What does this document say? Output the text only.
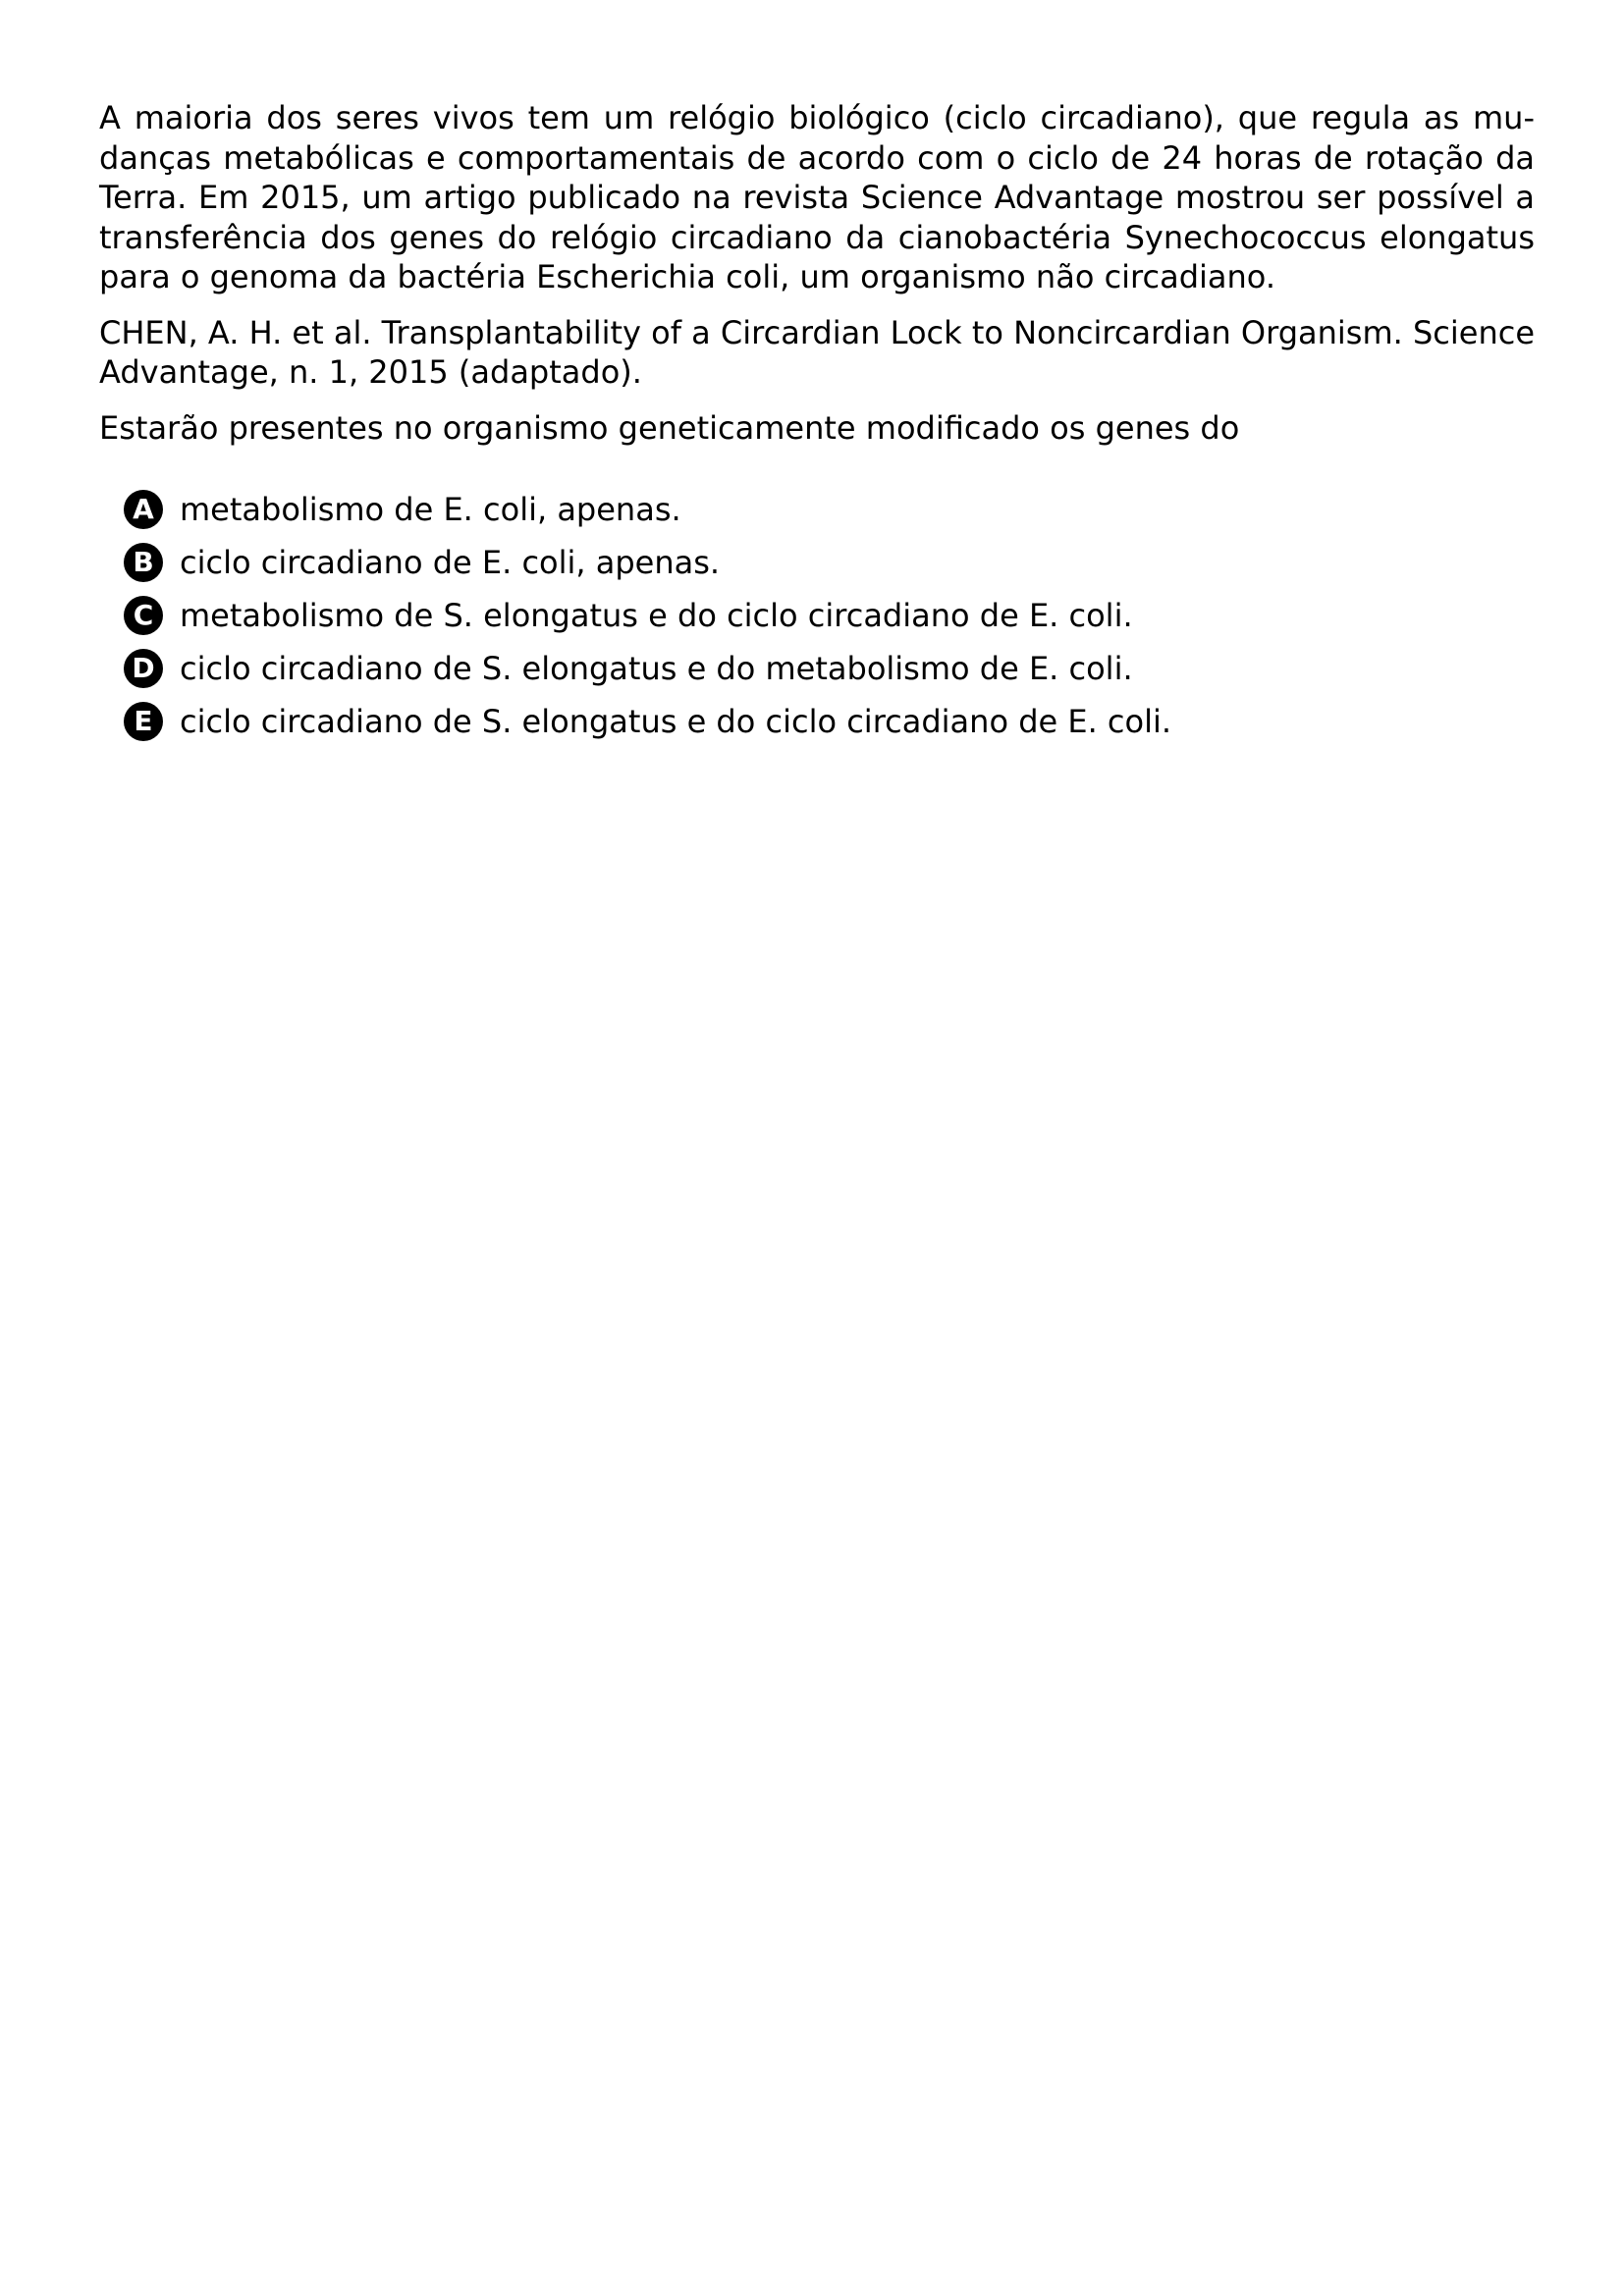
A maioria dos seres vivos tem um relógio biológico (ciclo circadiano), que regula as mudanças metabólicas e comportamentais de acordo com o ciclo de 24 horas de rotação da Terra. Em 2015, um artigo publicado na revista Science Advantage mostrou ser possível a transferência dos genes do relógio circadiano da cianobactéria Synechococcus elongatus para o genoma da bactéria Escherichia coli, um organismo não circadiano.

CHEN, A. H. et al. Transplantability of a Circardian Lock to Noncircardian Organism. Science Advantage, n. 1, 2015 (adaptado).

Estarão presentes no organismo geneticamente modificado os genes do

A metabolismo de E. coli, apenas.
B ciclo circadiano de E. coli, apenas.
C metabolismo de S. elongatus e do ciclo circadiano de E. coli.
D ciclo circadiano de S. elongatus e do metabolismo de E. coli.
E ciclo circadiano de S. elongatus e do ciclo circadiano de E. coli.
